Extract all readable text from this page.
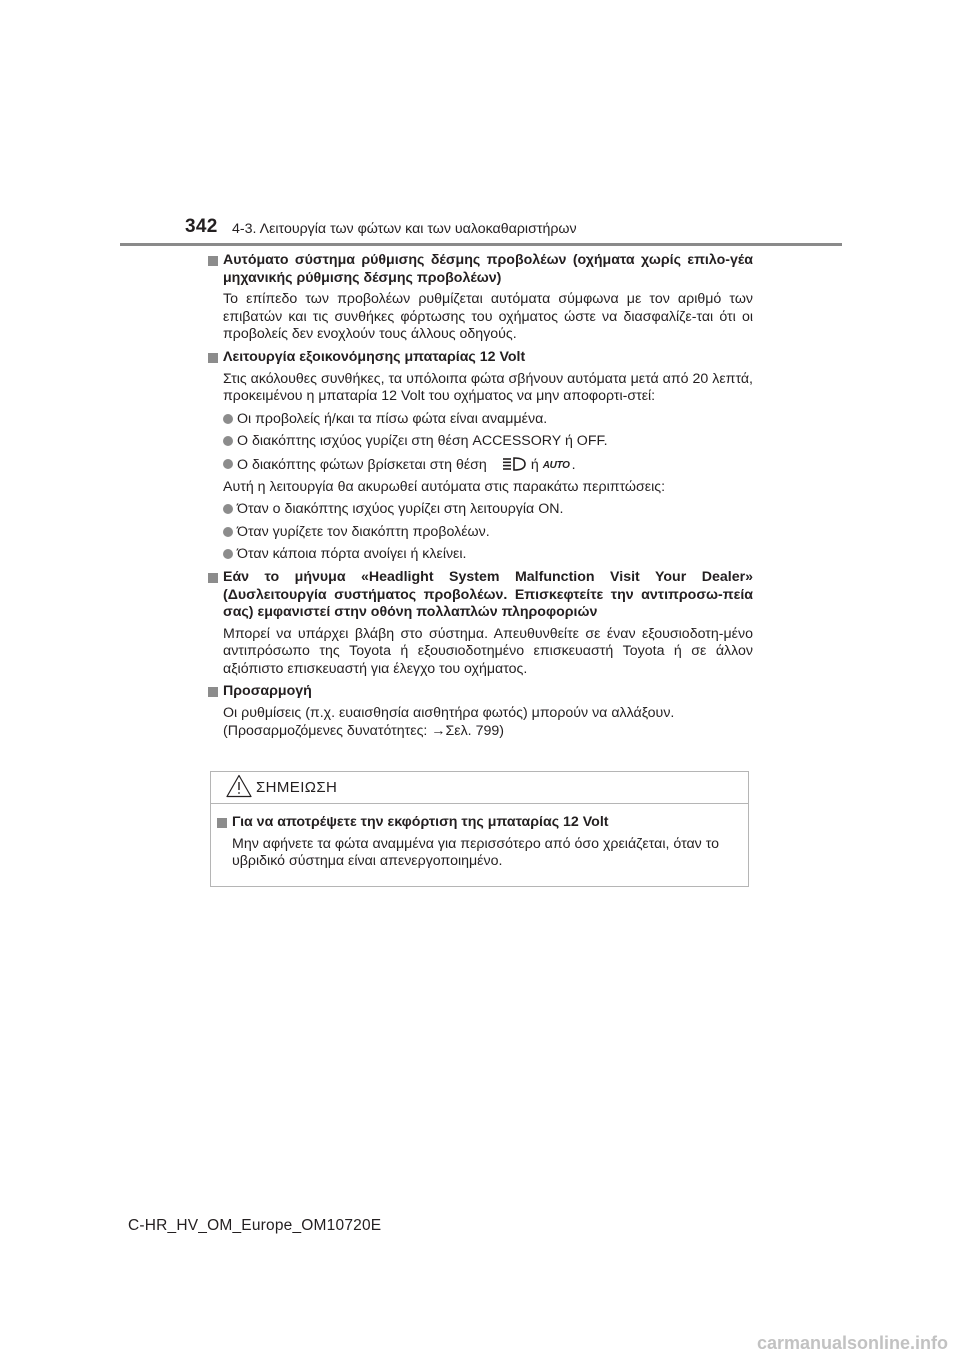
342 4-3. Λειτουργία των φώτων και των υαλοκαθαριστήρων
Αυτόματο σύστημα ρύθμισης δέσμης προβολέων (οχήματα χωρίς επιλο-γέα μηχανικής ρύθμισης δέσμης προβολέων)
Το επίπεδο των προβολέων ρυθμίζεται αυτόματα σύμφωνα με τον αριθμό των επιβατών και τις συνθήκες φόρτωσης του οχήματος ώστε να διασφαλίζε-ται ότι οι προβολείς δεν ενοχλούν τους άλλους οδηγούς.
Λειτουργία εξοικονόμησης μπαταρίας 12 Volt
Στις ακόλουθες συνθήκες, τα υπόλοιπα φώτα σβήνουν αυτόματα μετά από 20 λεπτά, προκειμένου η μπαταρία 12 Volt του οχήματος να μην αποφορτι-στεί:
Οι προβολείς ή/και τα πίσω φώτα είναι αναμμένα.
Ο διακόπτης ισχύος γυρίζει στη θέση ACCESSORY ή OFF.
Ο διακόπτης φώτων βρίσκεται στη θέση	ή AUTO .
Αυτή η λειτουργία θα ακυρωθεί αυτόματα στις παρακάτω περιπτώσεις:
Όταν ο διακόπτης ισχύος γυρίζει στη λειτουργία ON.
Όταν γυρίζετε τον διακόπτη προβολέων.
Όταν κάποια πόρτα ανοίγει ή κλείνει.
Εάν το μήνυμα «Headlight System Malfunction Visit Your Dealer» (Δυσλειτουργία συστήματος προβολέων. Επισκεφτείτε την αντιπροσω-πεία σας) εμφανιστεί στην οθόνη πολλαπλών πληροφοριών
Μπορεί να υπάρχει βλάβη στο σύστημα. Απευθυνθείτε σε έναν εξουσιοδοτη-μένο αντιπρόσωπο της Toyota ή εξουσιοδοτημένο επισκευαστή Toyota ή σε άλλον αξιόπιστο επισκευαστή για έλεγχο του οχήματος.
Προσαρμογή
Οι ρυθμίσεις (π.χ. ευαισθησία αισθητήρα φωτός) μπορούν να αλλάξουν.
(Προσαρμοζόμενες δυνατότητες: →Σελ. 799)
ΣΗΜΕΙΩΣΗ
Για να αποτρέψετε την εκφόρτιση της μπαταρίας 12 Volt
Μην αφήνετε τα φώτα αναμμένα για περισσότερο από όσο χρειάζεται, όταν το υβριδικό σύστημα είναι απενεργοποιημένο.
C-HR_HV_OM_Europe_OM10720E
carmanualsonline.info
